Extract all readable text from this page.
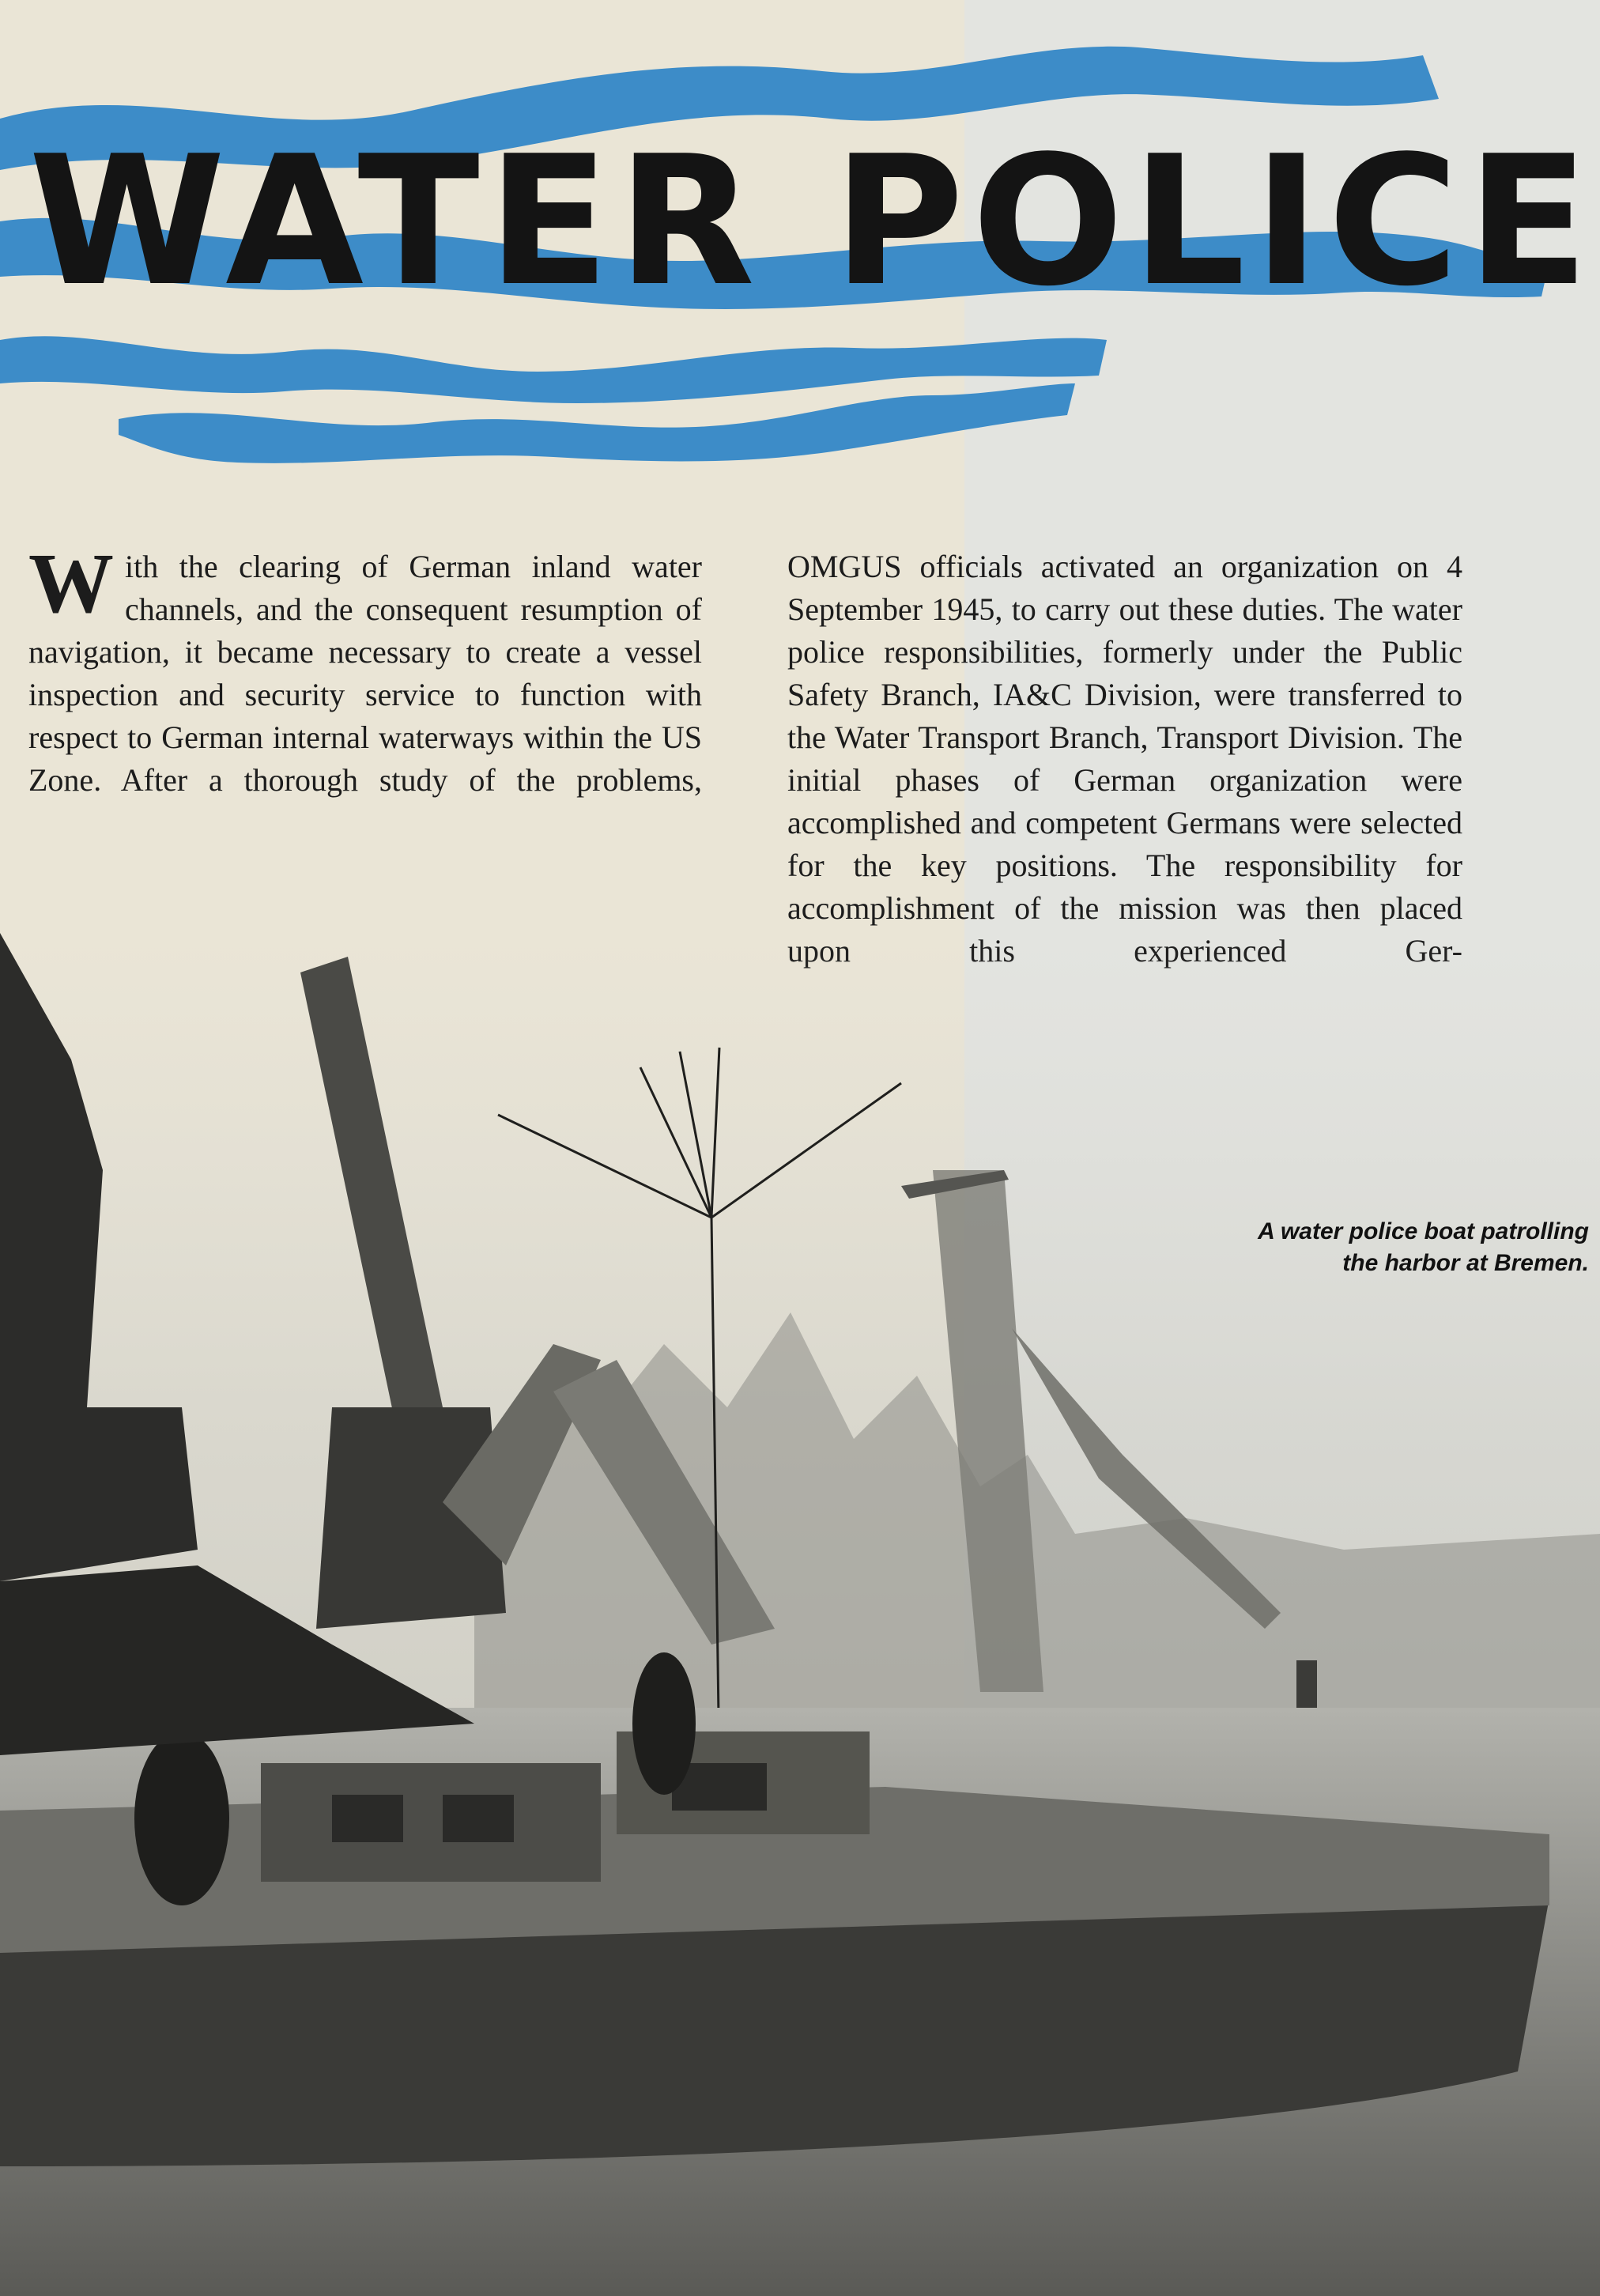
WATER POLICE

With the clearing of German inland water channels, and the consequent resumption of navigation, it became necessary to create a vessel inspection and security service to function with respect to German internal waterways within the US Zone. After a thorough study of the problems,

OMGUS officials activated an organization on 4 September 1945, to carry out these duties. The water police responsibilities, formerly under the Public Safety Branch, IA&C Division, were transferred to the Water Transport Branch, Transport Division. The initial phases of German organization were accomplished and competent Germans were selected for the key positions. The responsibility for accomplishment of the mission was then placed

A water police boat patrolling the harbor at Bremen.
